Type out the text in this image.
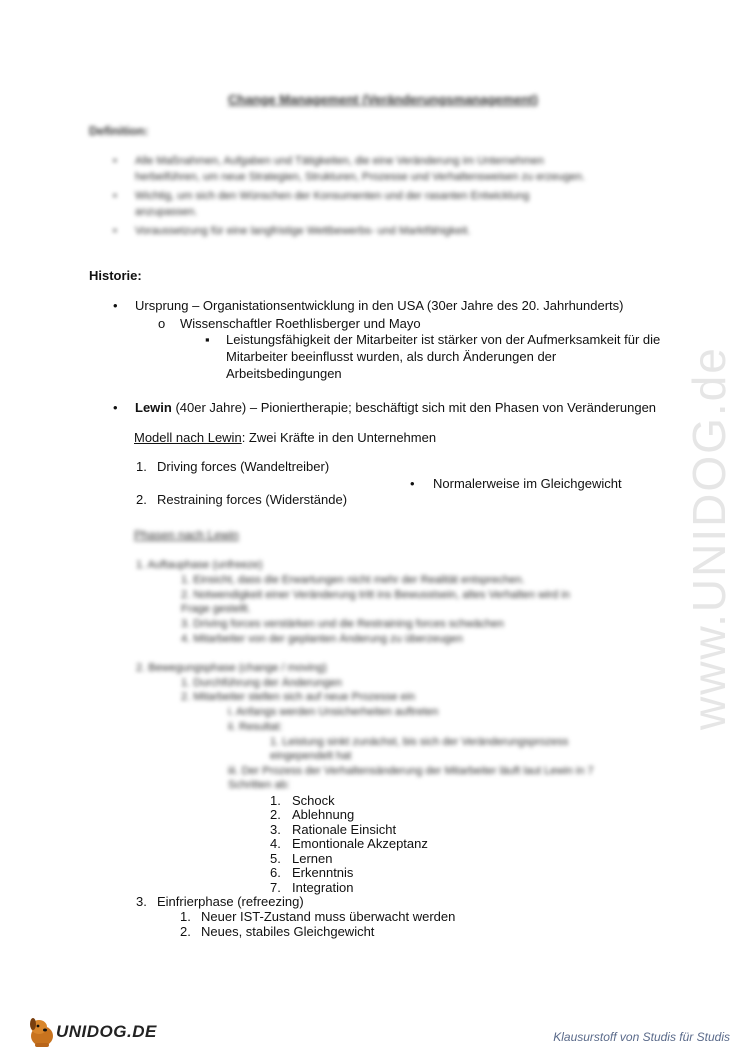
www.UNIDOG.de
Change Management (Veränderungsmanagement)
Definition:
• Alle Maßnahmen, Aufgaben und Tätigkeiten, die eine Veränderung im Unternehmen
herbeiführen, um neue Strategien, Strukturen, Prozesse und Verhaltensweisen zu erzeugen.
• Wichtig, um sich den Wünschen der Konsumenten und der rasanten Entwicklung
anzupassen.
• Voraussetzung für eine langfristige Wettbewerbs- und Marktfähigkeit.
Historie:
• Ursprung – Organistationsentwicklung in den USA (30er Jahre des 20. Jahrhunderts)
o Wissenschaftler Roethlisberger und Mayo
▪ Leistungsfähigkeit der Mitarbeiter ist stärker von der Aufmerksamkeit für die
Mitarbeiter beeinflusst wurden, als durch Änderungen der
Arbeitsbedingungen
• Lewin (40er Jahre) – Pioniertherapie; beschäftigt sich mit den Phasen von Veränderungen
Modell nach Lewin: Zwei Kräfte in den Unternehmen
1. Driving forces (Wandeltreiber)
2. Restraining forces (Widerstände)
• Normalerweise im Gleichgewicht
Phasen nach Lewin
1. Auftauphase (unfreeze)
1. Einsicht, dass die Erwartungen nicht mehr der Realität entsprechen.
2. Notwendigkeit einer Veränderung tritt ins Bewusstsein, altes Verhalten wird in
Frage gestellt.
3. Driving forces verstärken und die Restraining forces schwächen
4. Mitarbeiter von der geplanten Änderung zu überzeugen
2. Bewegungsphase (change / moving)
1. Durchführung der Änderungen
2. Mitarbeiter stellen sich auf neue Prozesse ein
i. Anfangs werden Unsicherheiten auftreten
ii. Resultat:
1. Leistung sinkt zunächst, bis sich der Veränderungsprozess
eingependelt hat
iii. Der Prozess der Verhaltensänderung der Mitarbeiter läuft laut Lewin in 7
Schritten ab:
1. Schock
2. Ablehnung
3. Rationale Einsicht
4. Emontionale Akzeptanz
5. Lernen
6. Erkenntnis
7. Integration
3. Einfrierphase (refreezing)
1. Neuer IST-Zustand muss überwacht werden
2. Neues, stabiles Gleichgewicht
UNIDOG.DE	Klausurstoff von Studis für Studis
